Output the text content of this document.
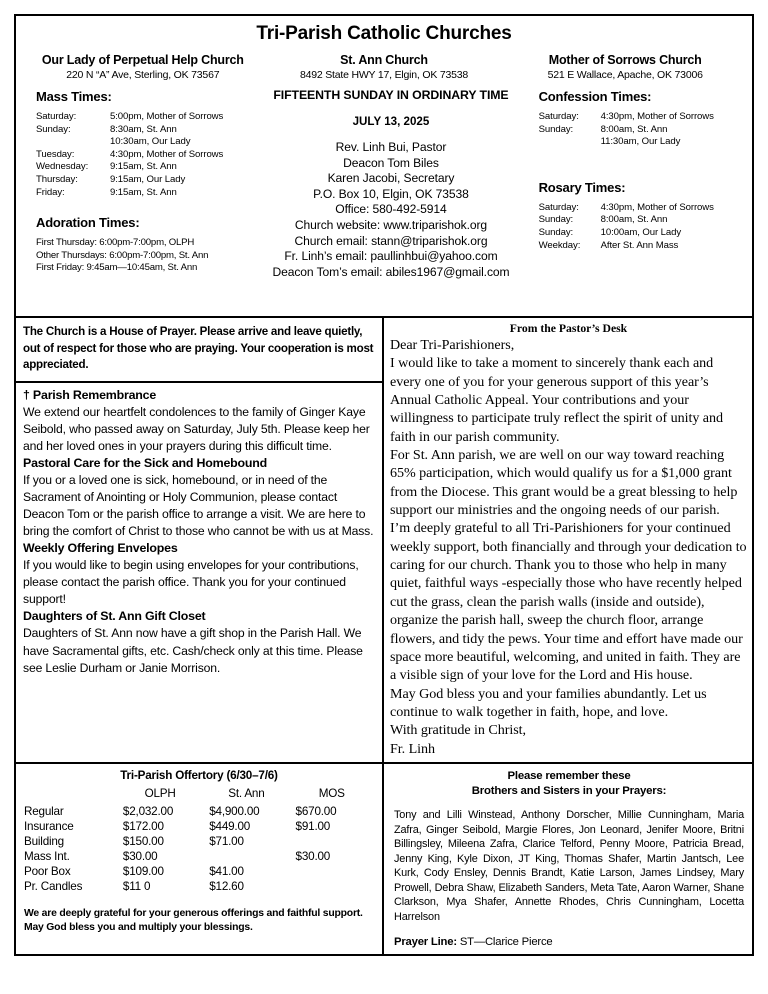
Tri-Parish Catholic Churches
Our Lady of Perpetual Help Church
220 N “A” Ave, Sterling, OK 73567
St. Ann Church
8492 State HWY 17, Elgin, OK 73538
Mother of Sorrows Church
521 E Wallace, Apache, OK 73006
Mass Times:
Saturday:	5:00pm, Mother of Sorrows
Sunday:	8:30am, St. Ann
10:30am, Our Lady
Tuesday:	4:30pm, Mother of Sorrows
Wednesday:	9:15am, St. Ann
Thursday:	9:15am, Our Lady
Friday:	9:15am, St. Ann
Adoration Times:
First Thursday: 6:00pm-7:00pm, OLPH
Other Thursdays: 6:00pm-7:00pm, St. Ann
First Friday: 9:45am—10:45am, St. Ann
FIFTEENTH SUNDAY IN ORDINARY TIME
JULY 13, 2025
Rev. Linh Bui, Pastor
Deacon Tom Biles
Karen Jacobi, Secretary
P.O. Box 10, Elgin, OK 73538
Office: 580-492-5914
Church website: www.triparishok.org
Church email: stann@triparishok.org
Fr. Linh’s email: paullinhbui@yahoo.com
Deacon Tom’s email: abiles1967@gmail.com
Confession Times:
Saturday:	4:30pm, Mother of Sorrows
Sunday:	8:00am, St. Ann
11:30am, Our Lady
Rosary Times:
Saturday:	4:30pm, Mother of Sorrows
Sunday:	8:00am, St. Ann
Sunday:	10:00am, Our Lady
Weekday:	After St. Ann Mass
The Church is a House of Prayer. Please arrive and leave quietly, out of respect for those who are praying. Your cooperation is most appreciated.
† Parish Remembrance
We extend our heartfelt condolences to the family of Ginger Kaye Seibold, who passed away on Saturday, July 5th. Please keep her and her loved ones in your prayers during this difficult time.
Pastoral Care for the Sick and Homebound
If you or a loved one is sick, homebound, or in need of the Sacrament of Anointing or Holy Communion, please contact Deacon Tom or the parish office to arrange a visit. We are here to bring the comfort of Christ to those who cannot be with us at Mass.
Weekly Offering Envelopes
If you would like to begin using envelopes for your contributions, please contact the parish office. Thank you for your continued support!
Daughters of St. Ann Gift Closet
Daughters of St. Ann now have a gift shop in the Parish Hall. We have Sacramental gifts, etc. Cash/check only at this time. Please see Leslie Durham or Janie Morrison.
From the Pastor’s Desk

Dear Tri-Parishioners,

I would like to take a moment to sincerely thank each and every one of you for your generous support of this year’s Annual Catholic Appeal. Your contributions and your willingness to participate truly reflect the spirit of unity and faith in our parish community.

For St. Ann parish, we are well on our way toward reaching 65% participation, which would qualify us for a $1,000 grant from the Diocese. This grant would be a great blessing to help support our ministries and the ongoing needs of our parish.

I’m deeply grateful to all Tri-Parishioners for your continued weekly support, both financially and through your dedication to caring for our church. Thank you to those who help in many quiet, faithful ways -especially those who have recently helped cut the grass, clean the parish walls (inside and outside), organize the parish hall, sweep the church floor, arrange flowers, and tidy the pews. Your time and effort have made our space more beautiful, welcoming, and united in faith. They are a visible sign of your love for the Lord and His house.

May God bless you and your families abundantly. Let us continue to walk together in faith, hope, and love.

With gratitude in Christ,

Fr. Linh

Tri-Parish Offertory (6/30–7/6)
	OLPH	St. Ann	MOS
Regular	$2,032.00	$4,900.00	$670.00
Insurance	$172.00	$449.00	$91.00
Building	$150.00	$71.00	
Mass Int.	$30.00		$30.00
Poor Box	$109.00	$41.00	
Pr. Candles	$11 0	$12.60	
We are deeply grateful for your generous offerings and faithful support. May God bless you and multiply your blessings.
Please remember these
Brothers and Sisters in your Prayers:
Tony and Lilli Winstead, Anthony Dorscher, Millie Cunningham, Maria Zafra, Ginger Seibold, Margie Flores, Jon Leonard, Jenifer Moore, Britni Billingsley, Mileena Zafra, Clarice Telford, Penny Moore, Patricia Bread, Jenny King, Kyle Dixon, JT King, Thomas Shafer, Martin Jantsch, Lee Kurk, Cody Ensley, Dennis Brandt, Katie Larson, James Lindsey, Mary Prowell, Debra Shaw, Elizabeth Sanders, Meta Tate, Aaron Warner, Shane Clarkson, Mya Shafer, Annette Rhodes, Chris Cunningham, Locetta Harrelson
Prayer Line: ST—Clarice Pierce
